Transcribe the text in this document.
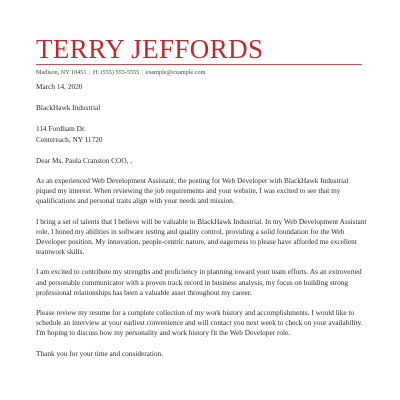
TERRY JEFFORDS
Madison, NY 10451 | H: (555) 555-5555 | example@example.com

March 14, 2020

BlackHawk Industrial

114 Fordham Dr.

Centereach, NY 11720

Dear Ms. Paula Cranston COO, ,

As an experienced Web Development Assistant, the posting for Web Developer with BlackHawk Industrial piqued my interest. When reviewing the job requirements and your website, I was excited to see that my qualifications and personal traits align with your needs and mission.

I bring a set of talents that I believe will be valuable to BlackHawk Industrial. In my Web Development Assistant role, I honed my abilities in software testing and quality control, providing a solid foundation for the Web Developer position. My innovation, people-centric nature, and eagerness to please have afforded me excellent teamwork skills.

I am excited to contribute my strengths and proficiency in planning toward your team efforts. As an extroverted and personable communicator with a proven track record in business analysis, my focus on building strong professional relationships has been a valuable asset throughout my career.

Please review my resume for a complete collection of my work history and accomplishments. I would like to schedule an interview at your earliest convenience and will contact you next week to check on your availability. I'm hoping to discuss how my personality and work history fit the Web Developer role.

Thank you for your time and consideration.
